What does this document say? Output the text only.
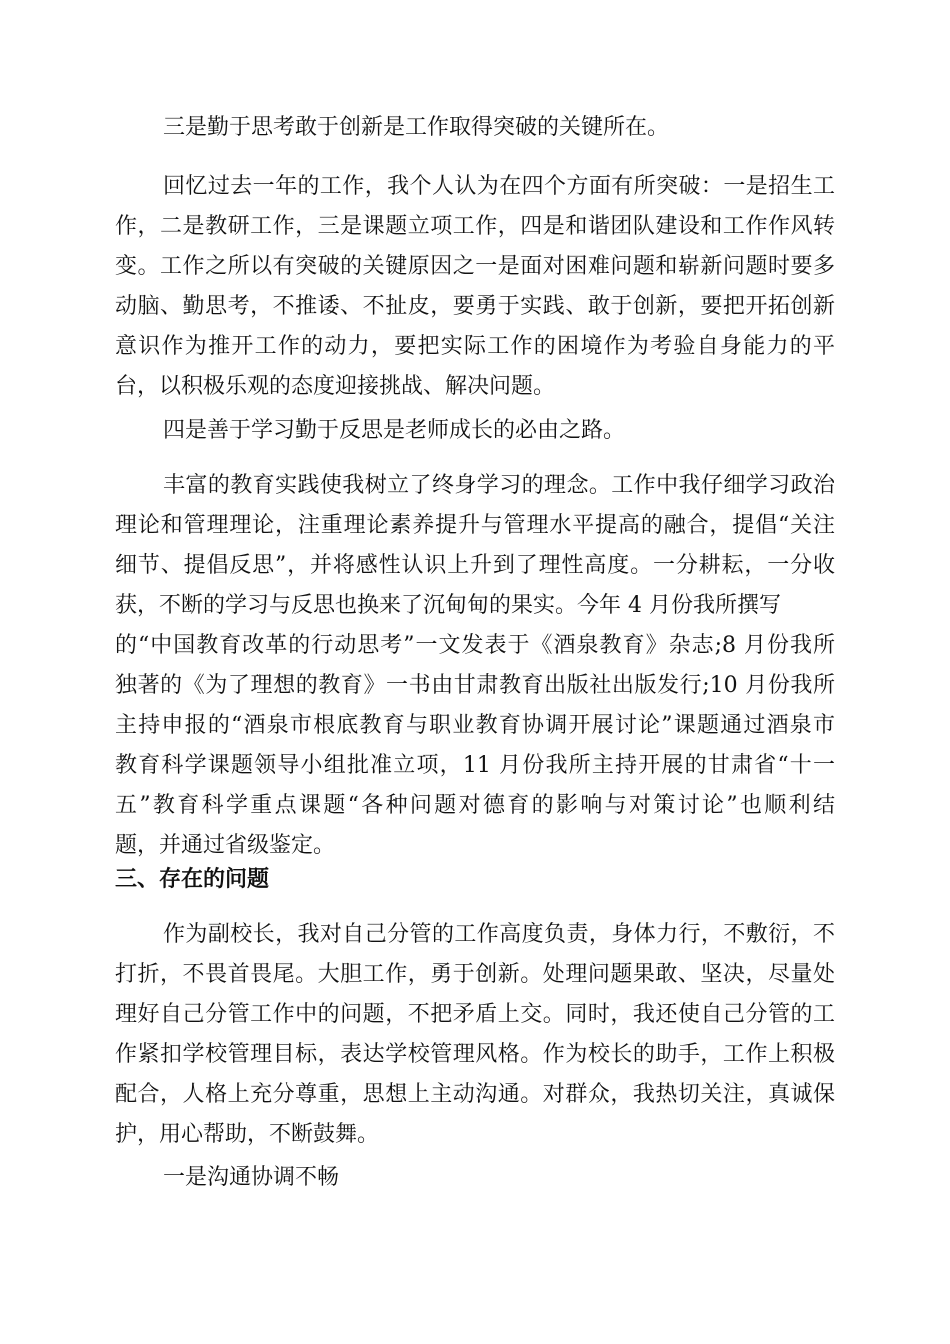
三是勤于思考敢于创新是工作取得突破的关键所在。

回忆过去一年的工作，我个人认为在四个方面有所突破：一是招生工
作，二是教研工作，三是课题立项工作，四是和谐团队建设和工作作风转
变。工作之所以有突破的关键原因之一是面对困难问题和崭新问题时要多
动脑、勤思考，不推诿、不扯皮，要勇于实践、敢于创新，要把开拓创新
意识作为推开工作的动力，要把实际工作的困境作为考验自身能力的平
台，以积极乐观的态度迎接挑战、解决问题。

四是善于学习勤于反思是老师成长的必由之路。

丰富的教育实践使我树立了终身学习的理念。工作中我仔细学习政治
理论和管理理论，注重理论素养提升与管理水平提高的融合，提倡“关注
细节、提倡反思”，并将感性认识上升到了理性高度。一分耕耘，一分收
获，不断的学习与反思也换来了沉甸甸的果实。今年 4 月份我所撰写
的“中国教育改革的行动思考”一文发表于《酒泉教育》杂志;8 月份我所
独著的《为了理想的教育》一书由甘肃教育出版社出版发行;10 月份我所
主持申报的“酒泉市根底教育与职业教育协调开展讨论”课题通过酒泉市
教育科学课题领导小组批准立项，11 月份我所主持开展的甘肃省“十一
五”教育科学重点课题“各种问题对德育的影响与对策讨论”也顺利结
题，并通过省级鉴定。

三、存在的问题

作为副校长，我对自己分管的工作高度负责，身体力行，不敷衍，不
打折，不畏首畏尾。大胆工作，勇于创新。处理问题果敢、坚决，尽量处
理好自己分管工作中的问题，不把矛盾上交。同时，我还使自己分管的工
作紧扣学校管理目标，表达学校管理风格。作为校长的助手，工作上积极
配合，人格上充分尊重，思想上主动沟通。对群众，我热切关注，真诚保
护，用心帮助，不断鼓舞。

一是沟通协调不畅
